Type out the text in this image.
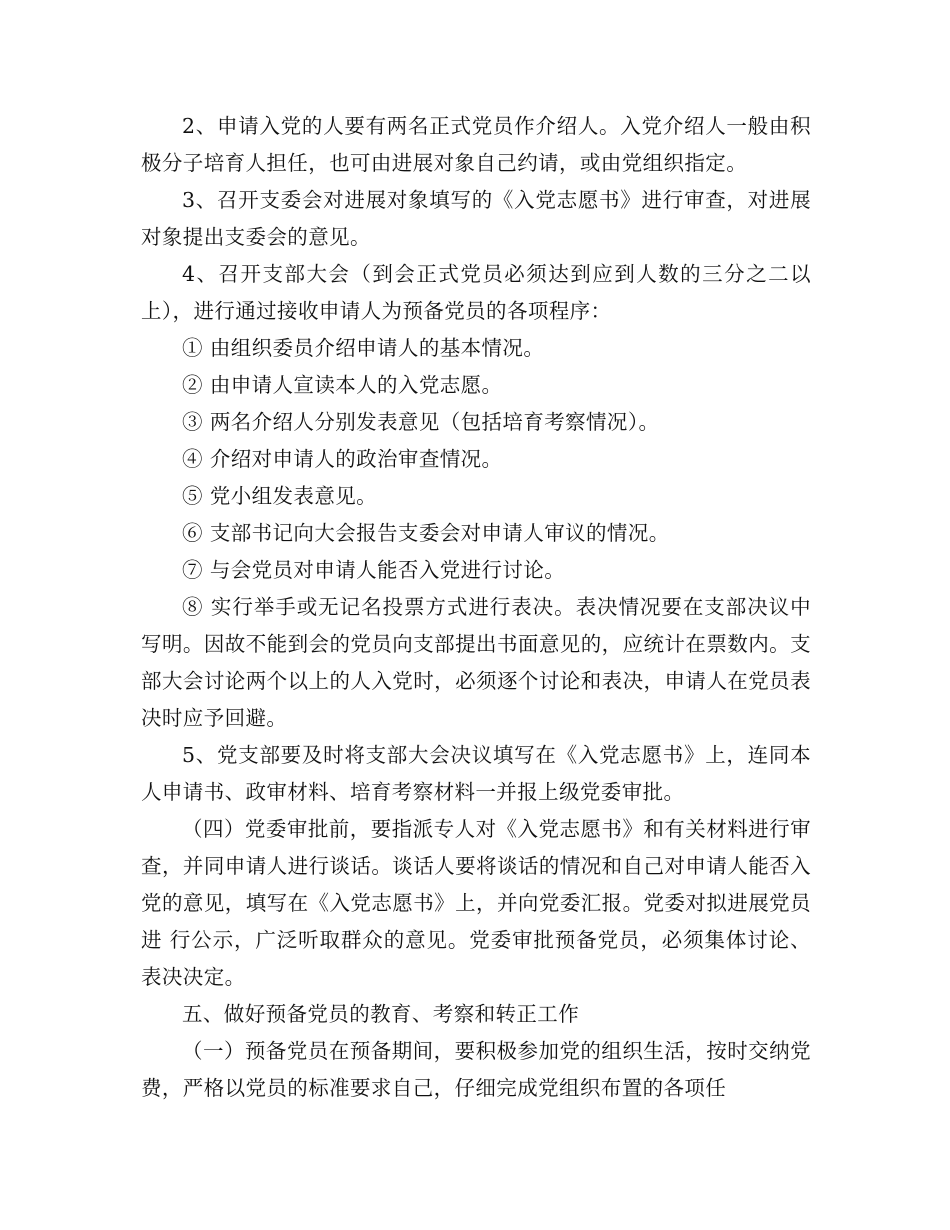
2、申请入党的人要有两名正式党员作介绍人。入党介绍人一般由积极分子培育人担任，也可由进展对象自己约请，或由党组织指定。

3、召开支委会对进展对象填写的《入党志愿书》进行审查，对进展对象提出支委会的意见。

4、召开支部大会（到会正式党员必须达到应到人数的三分之二以上），进行通过接收申请人为预备党员的各项程序：

① 由组织委员介绍申请人的基本情况。

② 由申请人宣读本人的入党志愿。

③ 两名介绍人分别发表意见（包括培育考察情况）。

④ 介绍对申请人的政治审查情况。

⑤ 党小组发表意见。

⑥ 支部书记向大会报告支委会对申请人审议的情况。

⑦ 与会党员对申请人能否入党进行讨论。

⑧ 实行举手或无记名投票方式进行表决。表决情况要在支部决议中写明。因故不能到会的党员向支部提出书面意见的，应统计在票数内。支部大会讨论两个以上的人入党时，必须逐个讨论和表决，申请人在党员表决时应予回避。

5、党支部要及时将支部大会决议填写在《入党志愿书》上，连同本人申请书、政审材料、培育考察材料一并报上级党委审批。

（四）党委审批前，要指派专人对《入党志愿书》和有关材料进行审查，并同申请人进行谈话。谈话人要将谈话的情况和自己对申请人能否入党的意见，填写在《入党志愿书》上，并向党委汇报。党委对拟进展党员进 行公示，广泛听取群众的意见。党委审批预备党员，必须集体讨论、表决决定。

五、做好预备党员的教育、考察和转正工作

（一）预备党员在预备期间，要积极参加党的组织生活，按时交纳党费，严格以党员的标准要求自己，仔细完成党组织布置的各项任
